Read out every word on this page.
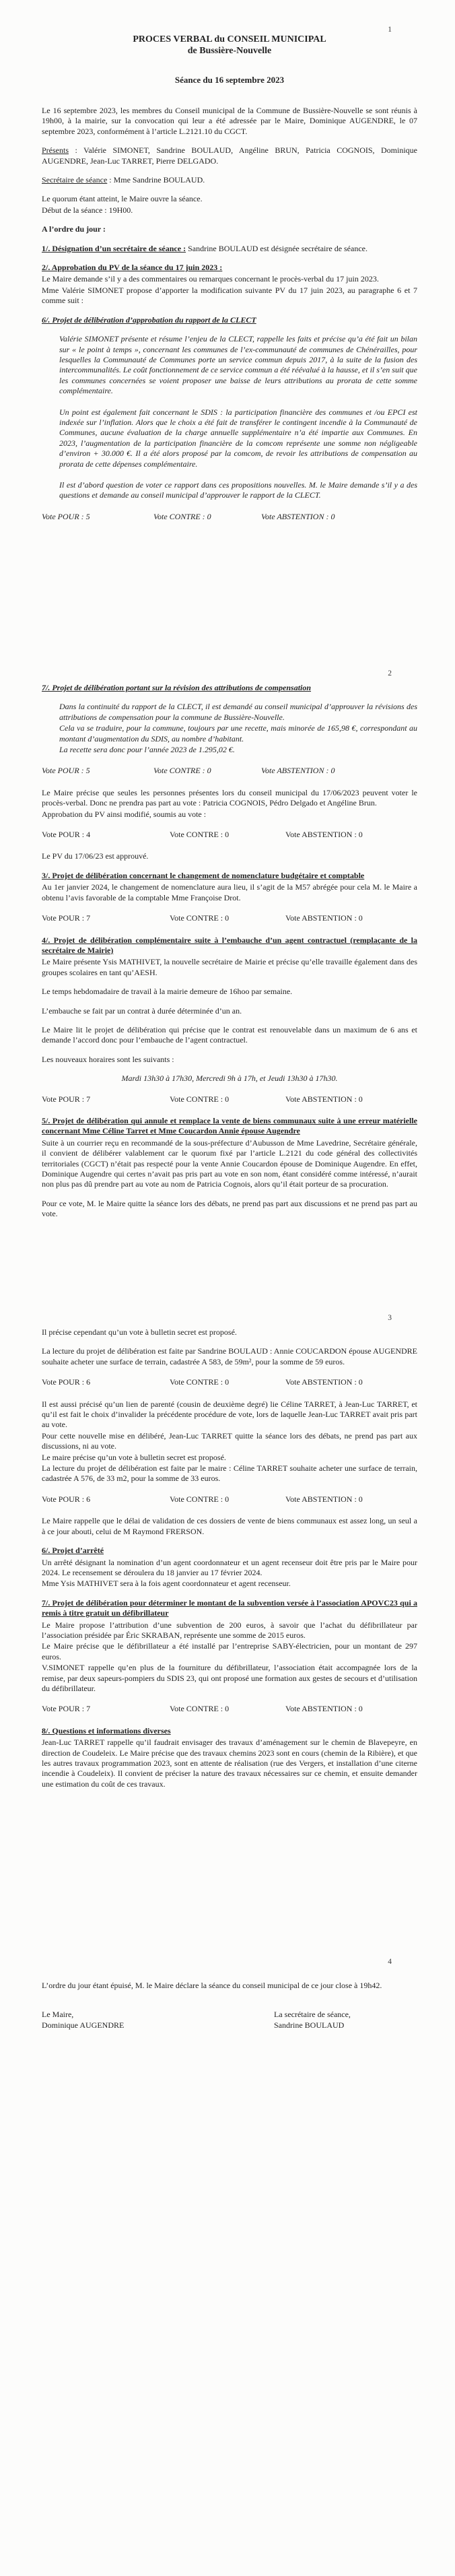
1
PROCES VERBAL du CONSEIL MUNICIPAL
de Bussière-Nouvelle
Séance du 16 septembre 2023

Le 16 septembre 2023, les membres du Conseil municipal de la Commune de Bussière-Nouvelle se sont réunis à 19h00, à la mairie, sur la convocation qui leur a été adressée par le Maire, Dominique AUGENDRE, le 07 septembre 2023, conformément à l’article L.2121.10 du CGCT.

Présents : Valérie SIMONET, Sandrine BOULAUD, Angéline BRUN, Patricia COGNOIS, Dominique AUGENDRE, Jean-Luc TARRET, Pierre DELGADO.

Secrétaire de séance : Mme Sandrine BOULAUD.

Le quorum étant atteint, le Maire ouvre la séance.

Début de la séance : 19H00.

A l’ordre du jour :

1/. Désignation d’un secrétaire de séance : Sandrine BOULAUD est désignée secrétaire de séance.

2/. Approbation du PV de la séance du 17 juin 2023 :

Le Maire demande s’il y a des commentaires ou remarques concernant le procès-verbal du 17 juin 2023.

Mme Valérie SIMONET propose d’apporter la modification suivante PV du 17 juin 2023, au paragraphe 6 et 7 comme suit :

6/. Projet de délibération d’approbation du rapport de la CLECT

Valérie SIMONET présente et résume l’enjeu de la CLECT, rappelle les faits et précise qu’a été fait un bilan sur « le point à temps », concernant les communes de l’ex-communauté de communes de Chénérailles, pour lesquelles la Communauté de Communes porte un service commun depuis 2017, à la suite de la fusion des intercommunalités. Le coût fonctionnement de ce service commun a été réévalué à la hausse, et il s’en suit que les communes concernées se voient proposer une baisse de leurs attributions au prorata de cette somme complémentaire.

Un point est également fait concernant le SDIS : la participation financière des communes et /ou EPCI est indexée sur l’inflation. Alors que le choix a été fait de transférer le contingent incendie à la Communauté de Communes, aucune évaluation de la charge annuelle supplémentaire n’a été impartie aux Communes. En 2023, l’augmentation de la participation financière de la comcom représente une somme non négligeable d’environ + 30.000 €. Il a été alors proposé par la comcom, de revoir les attributions de compensation au prorata de cette dépenses complémentaire.

Il est d’abord question de voter ce rapport dans ces propositions nouvelles. M. le Maire demande s’il y a des questions et demande au conseil municipal d’approuver le rapport de la CLECT.

Vote POUR : 5	Vote CONTRE : 0	Vote ABSTENTION : 0
2

7/. Projet de délibération portant sur la révision des attributions de compensation

Dans la continuité du rapport de la CLECT, il est demandé au conseil municipal d’approuver la révisions des attributions de compensation pour la commune de Bussière-Nouvelle.

Cela va se traduire, pour la commune, toujours par une recette, mais minorée de 165,98 €, correspondant au montant d’augmentation du SDIS, au nombre d’habitant.

La recette sera donc pour l’année 2023 de 1.295,02 €.

Vote POUR : 5	Vote CONTRE : 0	Vote ABSTENTION : 0

Le Maire précise que seules les personnes présentes lors du conseil municipal du 17/06/2023 peuvent voter le procès-verbal. Donc ne prendra pas part au vote : Patricia COGNOIS, Pédro Delgado et Angéline Brun.

Approbation du PV ainsi modifié, soumis au vote :

Vote POUR : 4	Vote CONTRE : 0	Vote ABSTENTION : 0

Le PV du 17/06/23 est approuvé.

3/. Projet de délibération concernant le changement de nomenclature budgétaire et comptable

Au 1er janvier 2024, le changement de nomenclature aura lieu, il s’agit de la M57 abrégée pour cela M. le Maire a obtenu l’avis favorable de la comptable Mme Françoise Drot.

Vote POUR : 7	Vote CONTRE : 0	Vote ABSTENTION : 0

4/. Projet de délibération complémentaire suite à l’embauche d’un agent contractuel (remplaçante de la secrétaire de Mairie)

Le Maire présente Ysis MATHIVET, la nouvelle secrétaire de Mairie et précise qu’elle travaille également dans des groupes scolaires en tant qu’AESH.

Le temps hebdomadaire de travail à la mairie demeure de 16hoo par semaine.

L’embauche se fait par un contrat à durée déterminée d’un an.

Le Maire lit le projet de délibération qui précise que le contrat est renouvelable dans un maximum de 6 ans et demande l’accord donc pour l’embauche de l’agent contractuel.

Les nouveaux horaires sont les suivants :

Mardi 13h30 à 17h30, Mercredi 9h à 17h, et Jeudi 13h30 à 17h30.

Vote POUR : 7	Vote CONTRE : 0	Vote ABSTENTION : 0

5/. Projet de délibération qui annule et remplace la vente de biens communaux suite à une erreur matérielle concernant Mme Céline Tarret et Mme Coucardon Annie épouse Augendre

Suite à un courrier reçu en recommandé de la sous-préfecture d’Aubusson de Mme Lavedrine, Secrétaire générale, il convient de délibérer valablement car le quorum fixé par l’article L.2121 du code général des collectivités territoriales (CGCT) n’était pas respecté pour la vente Annie Coucardon épouse de Dominique Augendre. En effet, Dominique Augendre qui certes n’avait pas pris part au vote en son nom, étant considéré comme intéressé, n’aurait non plus pas dû prendre part au vote au nom de Patricia Cognois, alors qu’il était porteur de sa procuration.

Pour ce vote, M. le Maire quitte la séance lors des débats, ne prend pas part aux discussions et ne prend pas part au vote.

3

Il précise cependant qu’un vote à bulletin secret est proposé.

La lecture du projet de délibération est faite par Sandrine BOULAUD : Annie COUCARDON épouse AUGENDRE souhaite acheter une surface de terrain, cadastrée A 583, de 59m², pour la somme de 59 euros.

Vote POUR : 6	Vote CONTRE : 0	Vote ABSTENTION : 0

Il est aussi précisé qu’un lien de parenté (cousin de deuxième degré) lie Céline TARRET, à Jean-Luc TARRET, et qu’il est fait le choix d’invalider la précédente procédure de vote, lors de laquelle Jean-Luc TARRET avait pris part au vote.

Pour cette nouvelle mise en délibéré, Jean-Luc TARRET quitte la séance lors des débats, ne prend pas part aux discussions, ni au vote.

Le maire précise qu’un vote à bulletin secret est proposé.

La lecture du projet de délibération est faite par le maire : Céline TARRET souhaite acheter une surface de terrain, cadastrée A 576, de 33 m2, pour la somme de 33 euros.

Vote POUR : 6	Vote CONTRE : 0	Vote ABSTENTION : 0

Le Maire rappelle que le délai de validation de ces dossiers de vente de biens communaux est assez long, un seul a à ce jour abouti, celui de M Raymond FRERSON.

6/. Projet d’arrêté

Un arrêté désignant la nomination d’un agent coordonnateur et un agent recenseur doit être pris par le Maire pour 2024. Le recensement se déroulera du 18 janvier au 17 février 2024.

Mme Ysis MATHIVET sera à la fois agent coordonnateur et agent recenseur.

7/. Projet de délibération pour déterminer le montant de la subvention versée à l’association APOVC23 qui a remis à titre gratuit un défibrillateur

Le Maire propose l’attribution d’une subvention de 200 euros, à savoir que l’achat du défibrillateur par l’association présidée par Éric SKRABAN, représente une somme de 2015 euros.

Le Maire précise que le défibrillateur a été installé par l’entreprise SABY-électricien, pour un montant de 297 euros.

V.SIMONET rappelle qu’en plus de la fourniture du défibrillateur, l’association était accompagnée lors de la remise, par deux sapeurs-pompiers du SDIS 23, qui ont proposé une formation aux gestes de secours et d’utilisation du défibrillateur.

Vote POUR : 7	Vote CONTRE : 0	Vote ABSTENTION : 0

8/. Questions et informations diverses

Jean-Luc TARRET rappelle qu’il faudrait envisager des travaux d’aménagement sur le chemin de Blavepeyre, en direction de Coudeleix. Le Maire précise que des travaux chemins 2023 sont en cours (chemin de la Ribière), et que les autres travaux programmation 2023, sont en attente de réalisation (rue des Vergers, et installation d’une citerne incendie à Coudeleix). Il convient de préciser la nature des travaux nécessaires sur ce chemin, et ensuite demander une estimation du coût de ces travaux.

4

L’ordre du jour étant épuisé, M. le Maire déclare la séance du conseil municipal de ce jour close à 19h42.

Le Maire,

Dominique AUGENDRE

La secrétaire de séance,

Sandrine BOULAUD
